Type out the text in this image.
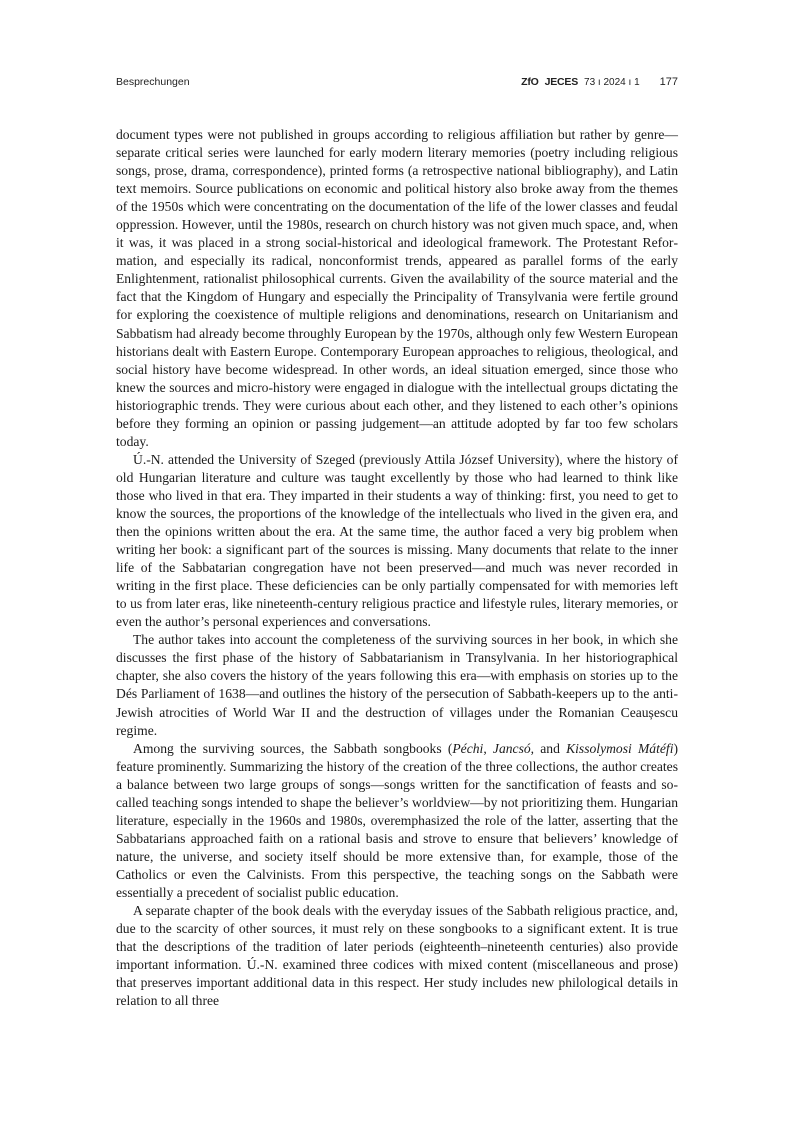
Besprechungen	ZfO JECES 73 ı 2024 ı 1 177

document types were not published in groups according to religious affiliation but rather by genre—separate critical series were launched for early modern literary memories (poetry including religious songs, prose, drama, correspondence), printed forms (a retrospective national bibliography), and Latin text memoirs. Source publications on economic and political history also broke away from the themes of the 1950s which were concentrating on the documentation of the life of the lower classes and feudal oppression. However, until the 1980s, research on church history was not given much space, and, when it was, it was placed in a strong social-historical and ideological framework. The Protestant Reformation, and especially its radical, nonconformist trends, appeared as parallel forms of the early Enlightenment, rationalist philosophical currents. Given the availability of the source material and the fact that the Kingdom of Hungary and especially the Principality of Transylvania were fertile ground for exploring the coexistence of multiple religions and denominations, research on Unitarianism and Sabbatism had already become throughly European by the 1970s, although only few Western European historians dealt with Eastern Europe. Contemporary European approaches to religious, theological, and social history have become widespread. In other words, an ideal situation emerged, since those who knew the sources and micro-history were engaged in dialogue with the intellectual groups dictating the historiographic trends. They were curious about each other, and they listened to each other’s opinions before they forming an opinion or passing judgement—an attitude adopted by far too few scholars today.

Ú.-N. attended the University of Szeged (previously Attila József University), where the history of old Hungarian literature and culture was taught excellently by those who had learned to think like those who lived in that era. They imparted in their students a way of thinking: first, you need to get to know the sources, the proportions of the knowledge of the intellectuals who lived in the given era, and then the opinions written about the era. At the same time, the author faced a very big problem when writing her book: a significant part of the sources is missing. Many documents that relate to the inner life of the Sabbatarian congregation have not been preserved—and much was never recorded in writing in the first place. These deficiencies can be only partially compensated for with memories left to us from later eras, like nineteenth-century religious practice and lifestyle rules, literary memories, or even the author’s personal experiences and conversations.

The author takes into account the completeness of the surviving sources in her book, in which she discusses the first phase of the history of Sabbatarianism in Transylvania. In her historiographical chapter, she also covers the history of the years following this era—with emphasis on stories up to the Dés Parliament of 1638—and outlines the history of the persecution of Sabbath-keepers up to the anti-Jewish atrocities of World War II and the destruction of villages under the Romanian Ceaușescu regime.

Among the surviving sources, the Sabbath songbooks (Péchi, Jancsó, and Kissolymosi Mátéfi) feature prominently. Summarizing the history of the creation of the three collections, the author creates a balance between two large groups of songs—songs written for the sanctification of feasts and so-called teaching songs intended to shape the believer’s worldview—by not prioritizing them. Hungarian literature, especially in the 1960s and 1980s, overemphasized the role of the latter, asserting that the Sabbatarians approached faith on a rational basis and strove to ensure that believers’ knowledge of nature, the universe, and society itself should be more extensive than, for example, those of the Catholics or even the Calvinists. From this perspective, the teaching songs on the Sabbath were essentially a precedent of socialist public education.

A separate chapter of the book deals with the everyday issues of the Sabbath religious practice, and, due to the scarcity of other sources, it must rely on these songbooks to a significant extent. It is true that the descriptions of the tradition of later periods (eighteenth–nineteenth centuries) also provide important information. Ú.-N. examined three codices with mixed content (miscellaneous and prose) that preserves important additional data in this respect. Her study includes new philological details in relation to all three
